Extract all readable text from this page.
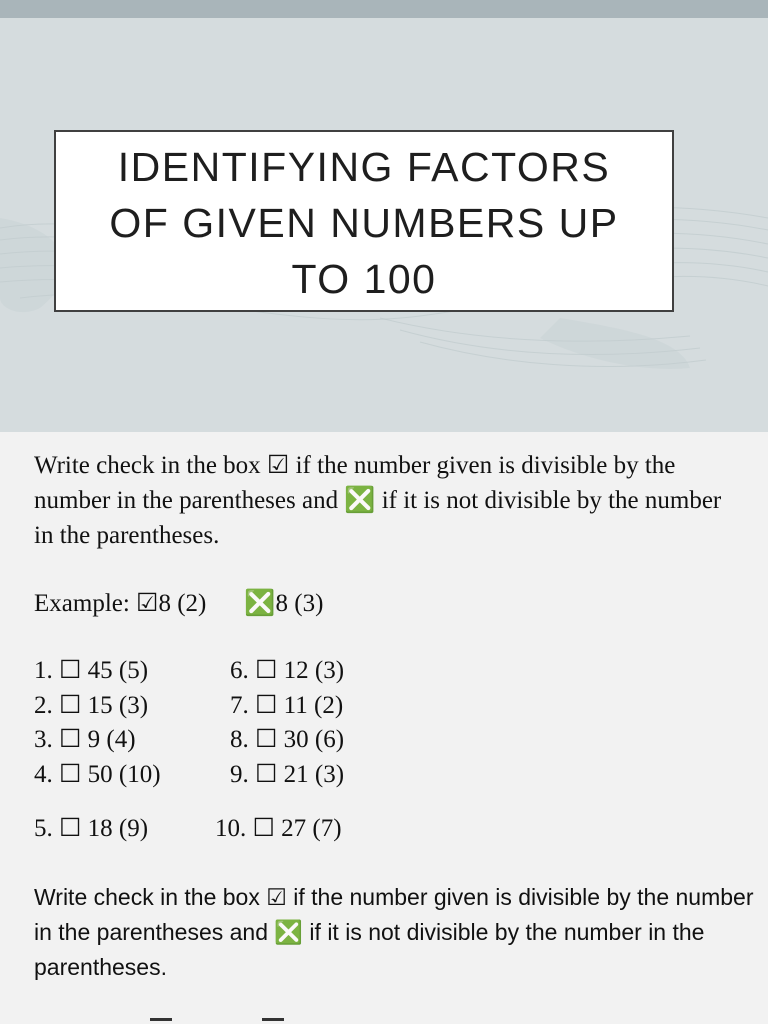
IDENTIFYING FACTORS
OF GIVEN NUMBERS UP
TO 100
Write check in the box ☑ if the number given is divisible by the number in the parentheses and ❎ if it is not divisible by the number in the parentheses.
Example: ☑8 (2) ❎8 (3)
1. ☐ 45 (5)
2. ☐ 15 (3)
3. ☐ 9 (4)
4. ☐ 50 (10)
6. ☐ 12 (3)
7. ☐ 11 (2)
8. ☐ 30 (6)
9. ☐ 21 (3)
5. ☐ 18 (9)	10. ☐ 27 (7)
Write check in the box ☑ if the number given is divisible by the number in the parentheses and ❎ if it is not divisible by the number in the parentheses.
